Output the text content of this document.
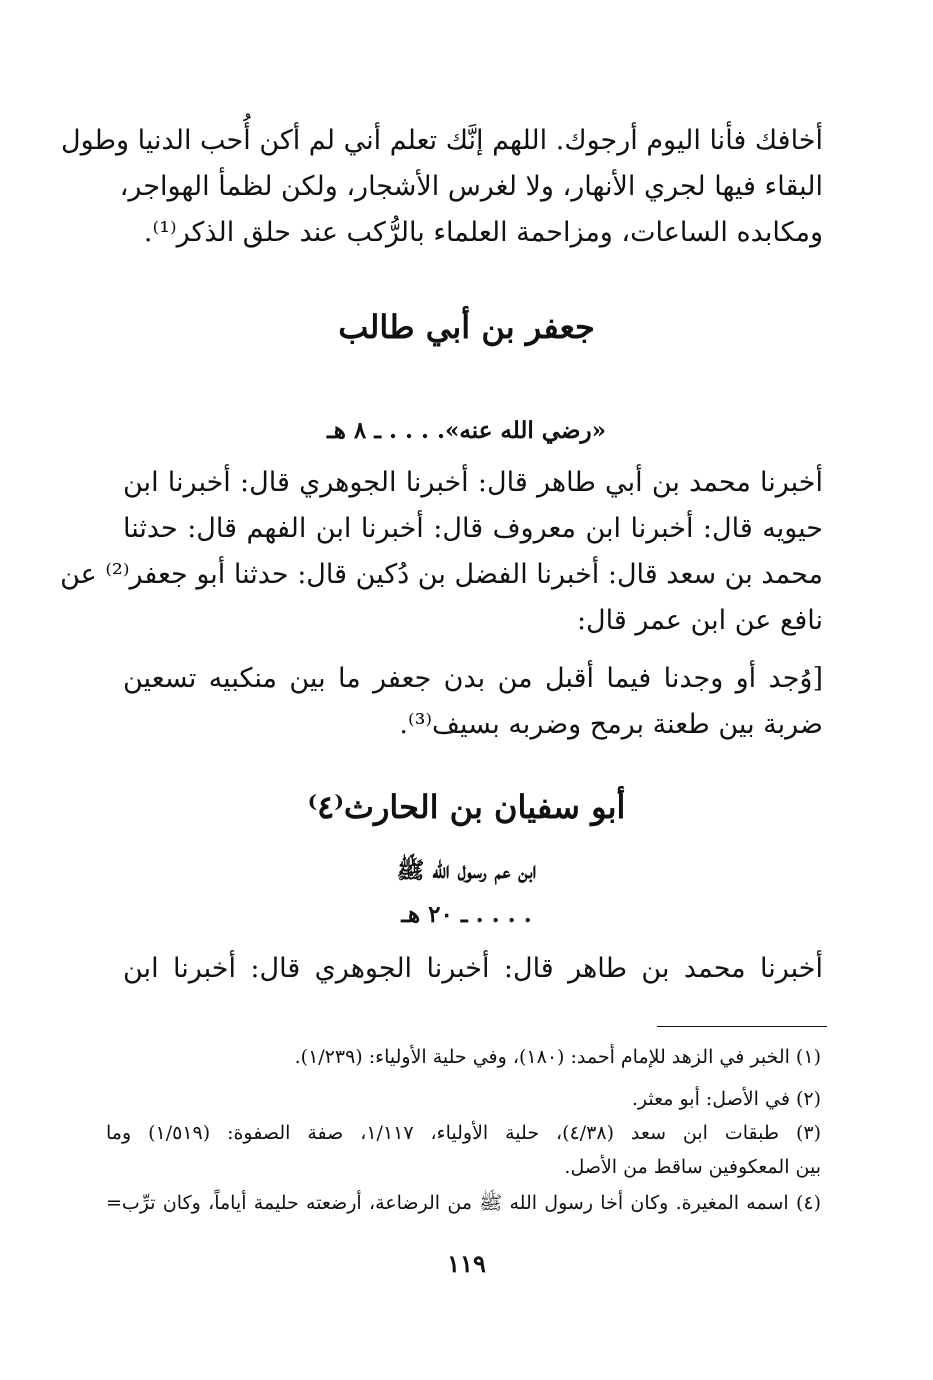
أخافك فأنا اليوم أرجوك. اللهم إنَّك تعلم أني لم أكن أُحب الدنيا وطول
البقاء فيها لجري الأنهار، ولا لغرس الأشجار، ولكن لظمأ الهواجر،
ومكابده الساعات، ومزاحمة العلماء بالرُّكب عند حلق الذكر⁽¹⁾.
جعفر بن أبي طالب
«رضي الله عنه». . . . ـ ٨ هـ
أخبرنا محمد بن أبي طاهر قال: أخبرنا الجوهري قال: أخبرنا ابن
حيويه قال: أخبرنا ابن معروف قال: أخبرنا ابن الفهم قال: حدثنا
محمد بن سعد قال: أخبرنا الفضل بن دُكين قال: حدثنا أبو جعفر⁽²⁾ عن
نافع عن ابن عمر قال:
[وُجد أو وجدنا فيما أقبل من بدن جعفر ما بين منكبيه تسعين
ضربة بين طعنة برمح وضربه بسيف⁽³⁾.
أبو سفيان بن الحارث⁽٤⁾
ابن عم رسول الله ﷺ
. . . . ـ ٢٠ هـ
أخبرنا محمد بن طاهر قال: أخبرنا الجوهري قال: أخبرنا ابن
(١) الخبر في الزهد للإمام أحمد: (١٨٠)، وفي حلية الأولياء: (١/٢٣٩).
(٢) في الأصل: أبو معثر.
(٣) طبقات ابن سعد (٤/٣٨)، حلية الأولياء، ١/١١٧، صفة الصفوة: (١/٥١٩) وما
بين المعكوفين ساقط من الأصل.
(٤) اسمه المغيرة. وكان أخا رسول الله ﷺ من الرضاعة، أرضعته حليمة أياماً، وكان ترِّب=
١١٩
